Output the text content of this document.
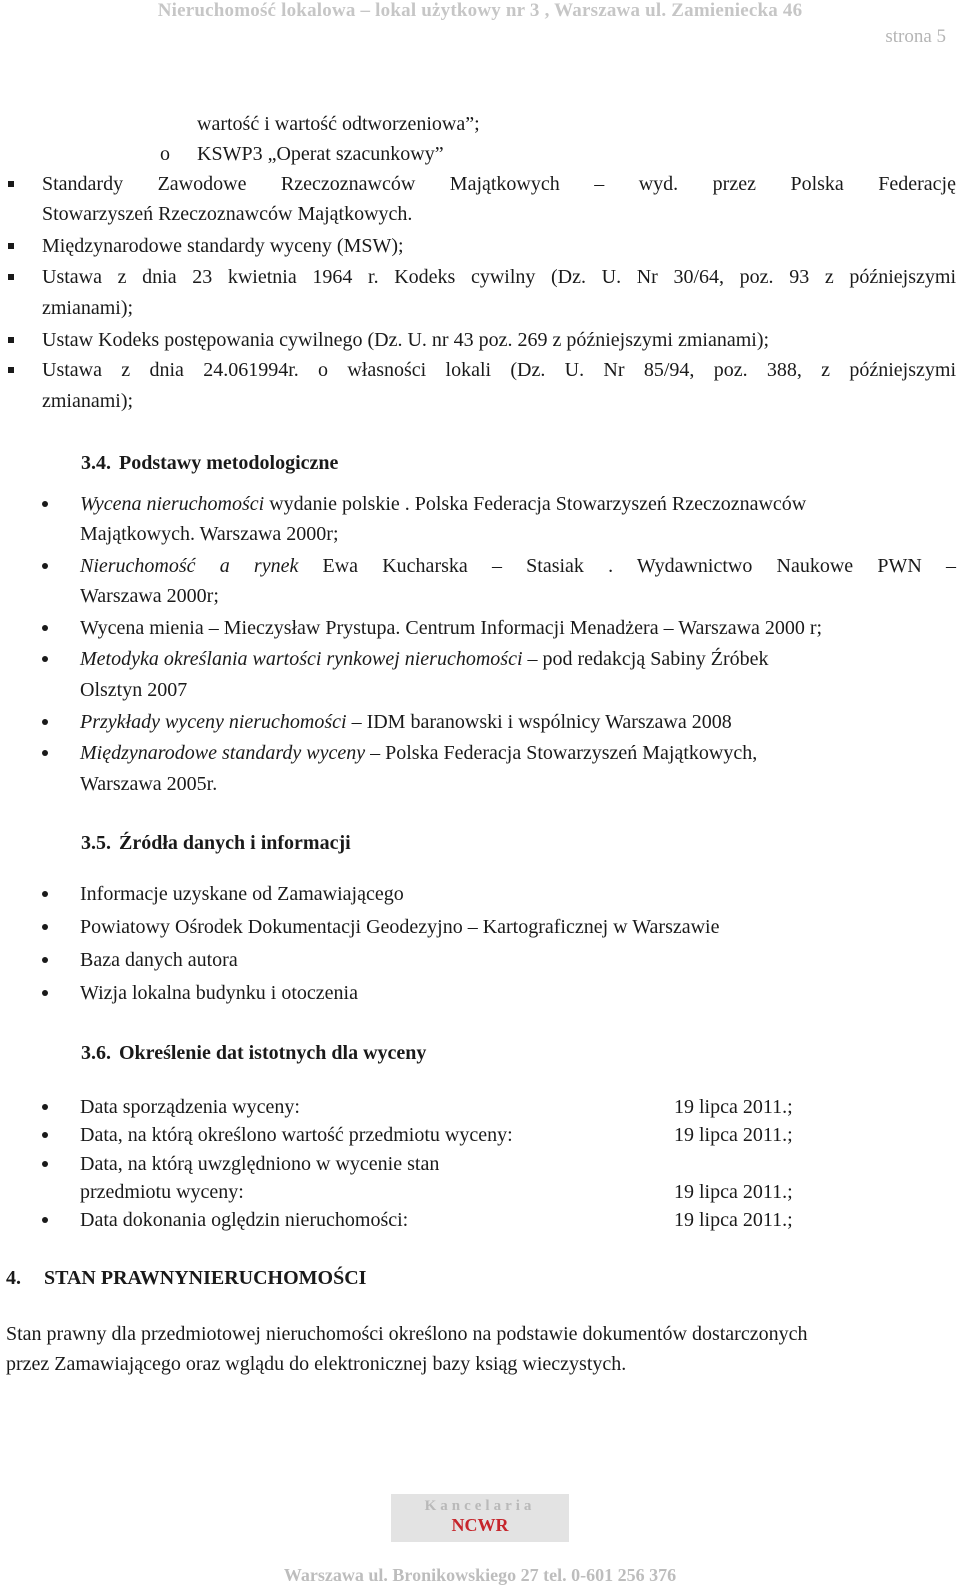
Nieruchomość lokalowa – lokal użytkowy nr 3 , Warszawa ul. Zamieniecka 46
strona 5
wartość i wartość odtworzeniowa”;
o KSWP3 „Operat szacunkowy”
Standardy Zawodowe Rzeczoznawców Majątkowych – wyd. przez Polska Federację
Stowarzyszeń Rzeczoznawców Majątkowych.
Międzynarodowe standardy wyceny (MSW);
Ustawa z dnia 23 kwietnia 1964 r. Kodeks cywilny (Dz. U. Nr 30/64, poz. 93 z późniejszymi
zmianami);
Ustaw Kodeks postępowania cywilnego (Dz. U. nr 43 poz. 269 z późniejszymi zmianami);
Ustawa z dnia 24.061994r. o własności lokali (Dz. U. Nr 85/94, poz. 388, z późniejszymi
zmianami);
3.4. Podstawy metodologiczne
Wycena nieruchomości wydanie polskie . Polska Federacja Stowarzyszeń Rzeczoznawców
Majątkowych. Warszawa 2000r;
Nieruchomość a rynek Ewa Kucharska – Stasiak . Wydawnictwo Naukowe PWN –
Warszawa 2000r;
Wycena mienia – Mieczysław Prystupa. Centrum Informacji Menadżera – Warszawa 2000 r;
Metodyka określania wartości rynkowej nieruchomości – pod redakcją Sabiny Źróbek
Olsztyn 2007
Przykłady wyceny nieruchomości – IDM baranowski i wspólnicy Warszawa 2008
Międzynarodowe standardy wyceny – Polska Federacja Stowarzyszeń Majątkowych,
Warszawa 2005r.
3.5. Źródła danych i informacji
Informacje uzyskane od Zamawiającego
Powiatowy Ośrodek Dokumentacji Geodezyjno – Kartograficznej w Warszawie
Baza danych autora
Wizja lokalna budynku i otoczenia
3.6. Określenie dat istotnych dla wyceny
Data sporządzenia wyceny:	19 lipca 2011.;
Data, na którą określono wartość przedmiotu wyceny:	19 lipca 2011.;
Data, na którą uwzględniono w wycenie stan
przedmiotu wyceny:	19 lipca 2011.;
Data dokonania oględzin nieruchomości:	19 lipca 2011.;
4. STAN PRAWNYNIERUCHOMOŚCI
Stan prawny dla przedmiotowej nieruchomości określono na podstawie dokumentów dostarczonych
przez Zamawiającego oraz wglądu do elektronicznej bazy ksiąg wieczystych.
Kancelaria
NCWR
Warszawa ul. Bronikowskiego 27 tel. 0-601 256 376
